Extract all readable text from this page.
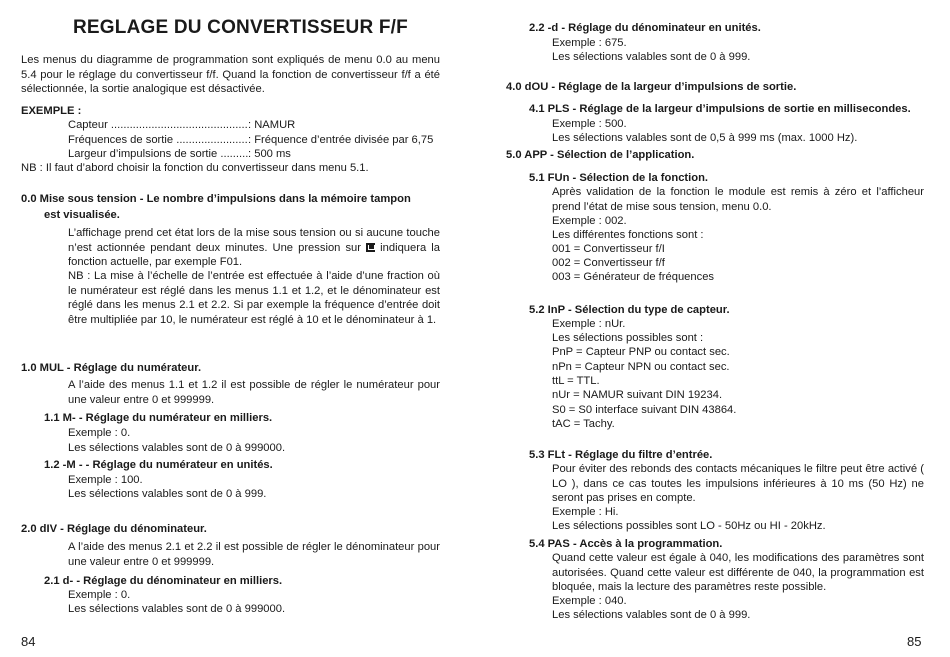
REGLAGE DU CONVERTISSEUR F/F
Les menus du diagramme de programmation sont expliqués de menu 0.0 au menu 5.4 pour le réglage du convertisseur f/f. Quand la fonction de convertisseur f/f a été sélectionnée, la sortie analogique est désactivée.
EXEMPLE :
Capteur .....	: NAMUR
Fréquences de sortie .....	: Fréquence d’entrée divisée par 6,75
Largeur d’impulsions de sortie .....	: 500 ms
NB : Il faut d’abord choisir la fonction du convertisseur dans menu 5.1.
0.0 Mise sous tension - Le nombre d’impulsions dans la mémoire tampon
est visualisée.
L’affichage prend cet état lors de la mise sous tension ou si aucune touche n’est actionnée pendant deux minutes. Une pression sur indiquera la fonction actuelle, par exemple F01.
NB : La mise à l’échelle de l’entrée est effectuée à l’aide d’une fraction où le numérateur est réglé dans les menus 1.1 et 1.2, et le dénominateur est réglé dans les menus 2.1 et 2.2. Si par exemple la fréquence d’entrée doit être multipliée par 10, le numérateur est réglé à 10 et le dénominateur à 1.
1.0 MUL - Réglage du numérateur.
A l’aide des menus 1.1 et 1.2 il est possible de régler le numérateur pour une valeur entre 0 et 999999.
1.1 M- - Réglage du numérateur en milliers.
Exemple : 0.
Les sélections valables sont de 0 à 999000.
1.2 -M - - Réglage du numérateur en unités.
Exemple : 100.
Les sélections valables sont de 0 à 999.
2.0 dIV - Réglage du dénominateur.
A l’aide des menus 2.1 et 2.2 il est possible de régler le dénominateur pour une valeur entre 0 et 999999.
2.1 d- - Réglage du dénominateur en milliers.
Exemple : 0.
Les sélections valables sont de 0 à 999000.
84
2.2 -d - Réglage du dénominateur en unités.
Exemple : 675.
Les sélections valables sont de 0 à 999.
4.0 dOU - Réglage de la largeur d’impulsions de sortie.
4.1 PLS - Réglage de la largeur d’impulsions de sortie en millisecondes.
Exemple : 500.
Les sélections valables sont de 0,5 à 999 ms (max. 1000 Hz).
5.0 APP - Sélection de l’application.
5.1 FUn - Sélection de la fonction.
Après validation de la fonction le module est remis à zéro et l’afficheur prend l’état de mise sous tension, menu 0.0.
Exemple : 002.
Les différentes fonctions sont :
001 = Convertisseur f/I
002 = Convertisseur f/f
003 = Générateur de fréquences
5.2 InP - Sélection du type de capteur.
Exemple : nUr.
Les sélections possibles sont :
PnP = Capteur PNP ou contact sec.
nPn = Capteur NPN ou contact sec.
ttL = TTL.
nUr = NAMUR suivant DIN 19234.
S0 = S0 interface suivant DIN 43864.
tAC = Tachy.
5.3 FLt - Réglage du filtre d’entrée.
Pour éviter des rebonds des contacts mécaniques le filtre peut être activé ( LO ), dans ce cas toutes les impulsions inférieures à 10 ms (50 Hz) ne seront pas prises en compte.
Exemple : Hi.
Les sélections possibles sont LO - 50Hz ou HI - 20kHz.
5.4 PAS - Accès à la programmation.
Quand cette valeur est égale à 040, les modifications des paramètres sont autorisées. Quand cette valeur est différente de 040, la programmation est bloquée, mais la lecture des paramètres reste possible.
Exemple : 040.
Les sélections valables sont de 0 à 999.
85
